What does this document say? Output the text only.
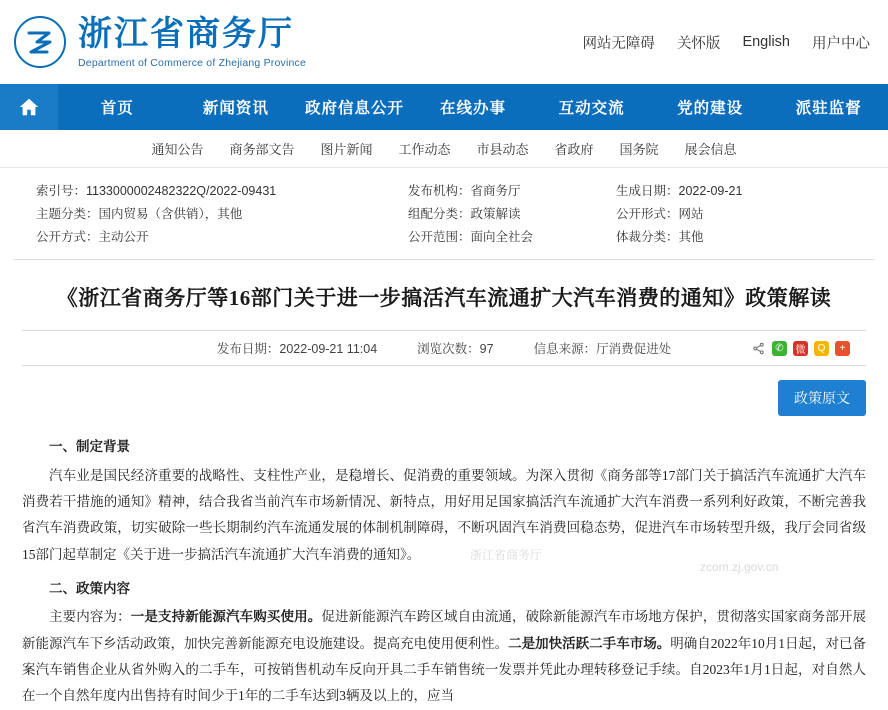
浙江省商务厅
Department of Commerce of Zhejiang Province
网站无障碍 关怀版 English 用户中心
首页	新闻资讯	政府信息公开	在线办事	互动交流	党的建设	派驻监督
通知公告 商务部文告 图片新闻 工作动态 市县动态 省政府 国务院 展会信息
索引号：1133000002482322Q/2022-09431
主题分类：国内贸易（含供销），其他
公开方式：主动公开
发布机构：省商务厅
组配分类：政策解读
公开范围：面向全社会
生成日期：2022-09-21
公开形式：网站
体裁分类：其他
《浙江省商务厅等16部门关于进一步搞活汽车流通扩大汽车消费的通知》政策解读
发布日期：2022-09-21 11:04	浏览次数：97	信息来源：厅消费促进处	✆	微	Q	+
政策原文
一、制定背景

汽车业是国民经济重要的战略性、支柱性产业，是稳增长、促消费的重要领域。为深入贯彻《商务部等17部门关于搞活汽车流通扩大汽车消费若干措施的通知》精神，结合我省当前汽车市场新情况、新特点，用好用足国家搞活汽车流通扩大汽车消费一系列利好政策，不断完善我省汽车消费政策，切实破除一些长期制约汽车流通发展的体制机制障碍，不断巩固汽车消费回稳态势，促进汽车市场转型升级，我厅会同省级15部门起草制定《关于进一步搞活汽车流通扩大汽车消费的通知》。

二、政策内容

主要内容为：一是支持新能源汽车购买使用。促进新能源汽车跨区域自由流通，破除新能源汽车市场地方保护，贯彻落实国家商务部开展新能源汽车下乡活动政策，加快完善新能源充电设施建设。提高充电使用便利性。二是加快活跃二手车市场。明确自2022年10月1日起，对已备案汽车销售企业从省外购入的二手车，可按销售机动车反向开具二手车销售统一发票并凭此办理转移登记手续。自2023年1月1日起，对自然人在一个自然年度内出售持有时间少于1年的二手车达到3辆及以上的，应当

浙江省商务厅
zcom.zj.gov.cn
